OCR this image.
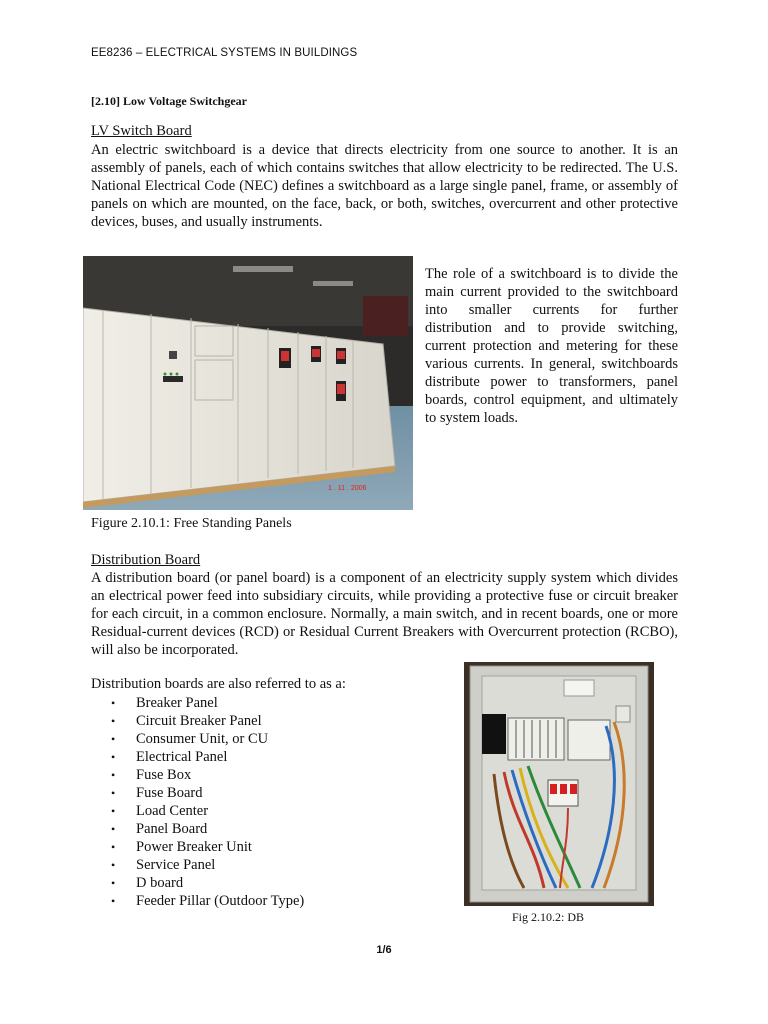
EE8236 – ELECTRICAL SYSTEMS IN BUILDINGS
[2.10] Low Voltage Switchgear
LV Switch Board

An electric switchboard is a device that directs electricity from one source to another. It is an assembly of panels, each of which contains switches that allow electricity to be redirected. The U.S. National Electrical Code (NEC) defines a switchboard as a large single panel, frame, or assembly of panels on which are mounted, on the face, back, or both, switches, overcurrent and other protective devices, buses, and usually instruments.

1 . 11 . 2006

The role of a switchboard is to divide the main current provided to the switchboard into smaller currents for further distribution and to provide switching, current protection and metering for these various currents. In general, switchboards distribute power to transformers, panel boards, control equipment, and ultimately to system loads.

Figure 2.10.1: Free Standing Panels
Distribution Board

A distribution board (or panel board) is a component of an electricity supply system which divides an electrical power feed into subsidiary circuits, while providing a protective fuse or circuit breaker for each circuit, in a common enclosure. Normally, a main switch, and in recent boards, one or more Residual-current devices (RCD) or Residual Current Breakers with Overcurrent protection (RCBO), will also be incorporated.

Distribution boards are also referred to as a:
• Breaker Panel
• Circuit Breaker Panel
• Consumer Unit, or CU
• Electrical Panel
• Fuse Box
• Fuse Board
• Load Center
• Panel Board
• Power Breaker Unit
• Service Panel
• D board
• Feeder Pillar (Outdoor Type)
Fig 2.10.2: DB
1/6
